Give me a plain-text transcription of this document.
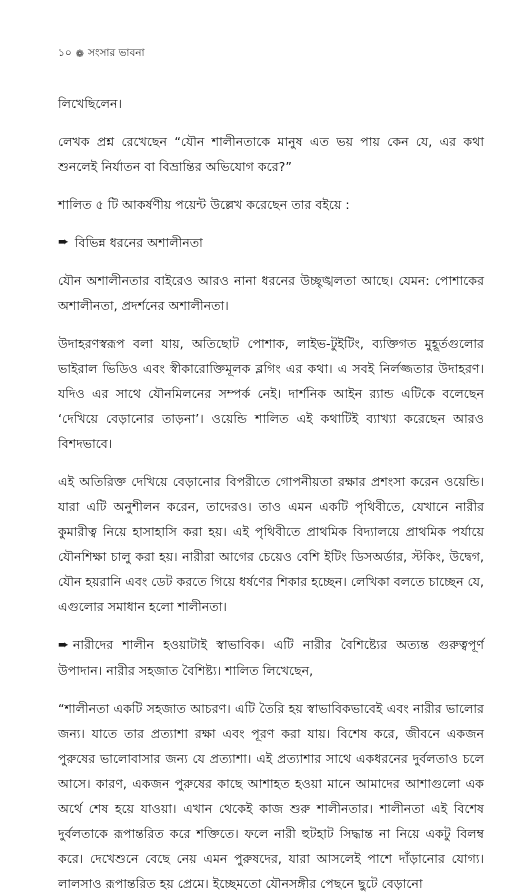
১০ ❁ সংসার ভাবনা

লিখেছিলেন।

লেখক প্রশ্ন রেখেছেন “যৌন শালীনতাকে মানুষ এত ভয় পায় কেন যে, এর কথা শুনলেই নির্যাতন বা বিভ্রান্তির অভিযোগ করে?”

শালিত ৫ টি আকর্ষণীয় পয়েন্ট উল্লেখ করেছেন তার বইয়ে :

➨ বিভিন্ন ধরনের অশালীনতা

যৌন অশালীনতার বাইরেও আরও নানা ধরনের উচ্ছৃঙ্খলতা আছে। যেমন: পোশাকের অশালীনতা, প্রদর্শনের অশালীনতা।

উদাহরণস্বরূপ বলা যায়, অতিছোট পোশাক, লাইভ-টুইটিং, ব্যক্তিগত মুহূর্তগুলোর ভাইরাল ভিডিও এবং স্বীকারোক্তিমূলক ব্লগিং এর কথা। এ সবই নির্লজ্জতার উদাহরণ। যদিও এর সাথে যৌনমিলনের সম্পর্ক নেই। দার্শনিক আইন র‍্যান্ড এটিকে বলেছেন ‘দেখিয়ে বেড়ানোর তাড়না’। ওয়েন্ডি শালিত এই কথাটিই ব্যাখ্যা করেছেন আরও বিশদভাবে।

এই অতিরিক্ত দেখিয়ে বেড়ানোর বিপরীতে গোপনীয়তা রক্ষার প্রশংসা করেন ওয়েন্ডি। যারা এটি অনুশীলন করেন, তাদেরও। তাও এমন একটি পৃথিবীতে, যেখানে নারীর কুমারীত্ব নিয়ে হাসাহাসি করা হয়। এই পৃথিবীতে প্রাথমিক বিদ্যালয়ে প্রাথমিক পর্যায়ে যৌনশিক্ষা চালু করা হয়। নারীরা আগের চেয়েও বেশি ইটিং ডিসঅর্ডার, স্টকিং, উদ্বেগ, যৌন হয়রানি এবং ডেট করতে গিয়ে ধর্ষণের শিকার হচ্ছেন। লেখিকা বলতে চাচ্ছেন যে, এগুলোর সমাধান হলো শালীনতা।

➨ নারীদের শালীন হওয়াটাই স্বাভাবিক। এটি নারীর বৈশিষ্ট্যের অত্যন্ত গুরুত্বপূর্ণ উপাদান। নারীর সহজাত বৈশিষ্ট্য। শালিত লিখেছেন,

“শালীনতা একটি সহজাত আচরণ। এটি তৈরি হয় স্বাভাবিকভাবেই এবং নারীর ভালোর জন্য। যাতে তার প্রত্যাশা রক্ষা এবং পূরণ করা যায়। বিশেষ করে, জীবনে একজন পুরুষের ভালোবাসার জন্য যে প্রত্যাশা। এই প্রত্যাশার সাথে একধরনের দুর্বলতাও চলে আসে। কারণ, একজন পুরুষের কাছে আশাহত হওয়া মানে আমাদের আশাগুলো এক অর্থে শেষ হয়ে যাওয়া। এখান থেকেই কাজ শুরু শালীনতার। শালীনতা এই বিশেষ দুর্বলতাকে রূপান্তরিত করে শক্তিতে। ফলে নারী হুটহাট সিদ্ধান্ত না নিয়ে একটু বিলম্ব করে। দেখেশুনে বেছে নেয় এমন পুরুষদের, যারা আসলেই পাশে দাঁড়ানোর যোগ্য। লালসাও রূপান্তরিত হয় প্রেমে। ইচ্ছেমতো যৌনসঙ্গীর পেছনে ছুটে বেড়ানো
